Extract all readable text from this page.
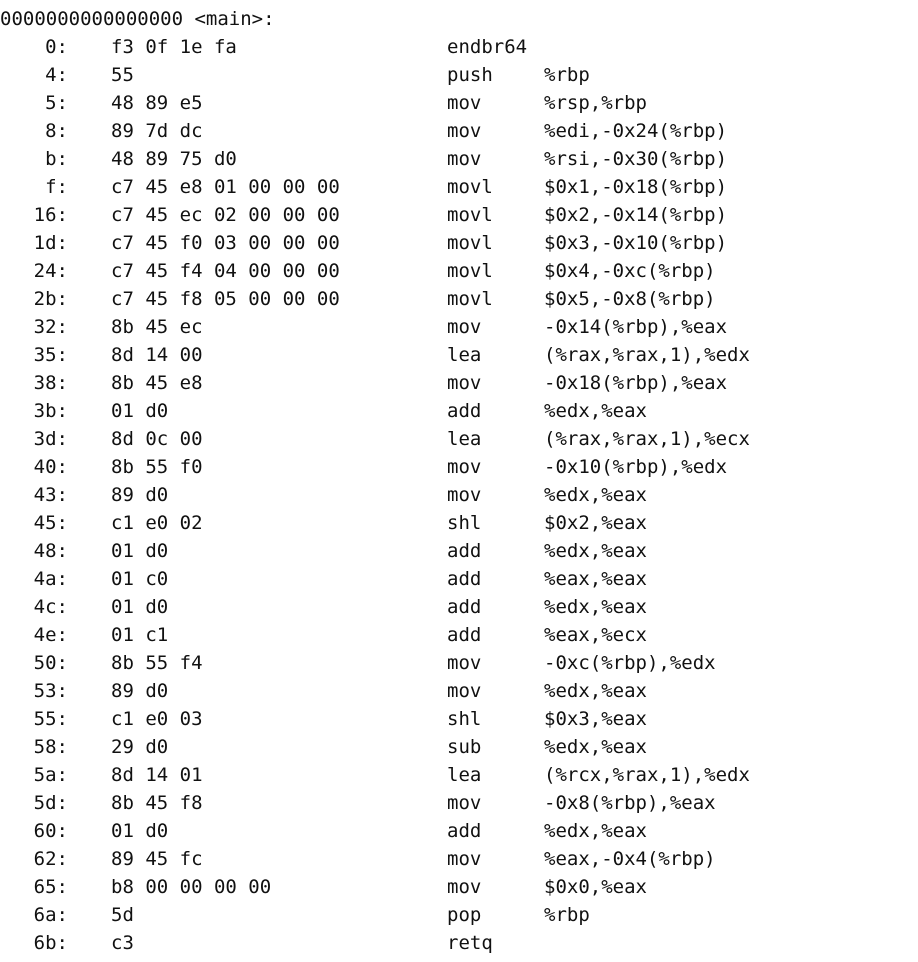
0000000000000000 <main>:
0: f3 0f 1e fa	endbr64
4: 55	push	%rbp
5: 48 89 e5	mov	%rsp,%rbp
8: 89 7d dc	mov	%edi,-0x24(%rbp)
b: 48 89 75 d0	mov	%rsi,-0x30(%rbp)
f: c7 45 e8 01 00 00 00	movl	$0x1,-0x18(%rbp)
16: c7 45 ec 02 00 00 00	movl	$0x2,-0x14(%rbp)
1d: c7 45 f0 03 00 00 00	movl	$0x3,-0x10(%rbp)
24: c7 45 f4 04 00 00 00	movl	$0x4,-0xc(%rbp)
2b: c7 45 f8 05 00 00 00	movl	$0x5,-0x8(%rbp)
32: 8b 45 ec	mov	-0x14(%rbp),%eax
35: 8d 14 00	lea	(%rax,%rax,1),%edx
38: 8b 45 e8	mov	-0x18(%rbp),%eax
3b: 01 d0	add	%edx,%eax
3d: 8d 0c 00	lea	(%rax,%rax,1),%ecx
40: 8b 55 f0	mov	-0x10(%rbp),%edx
43: 89 d0	mov	%edx,%eax
45: c1 e0 02	shl	$0x2,%eax
48: 01 d0	add	%edx,%eax
4a: 01 c0	add	%eax,%eax
4c: 01 d0	add	%edx,%eax
4e: 01 c1	add	%eax,%ecx
50: 8b 55 f4	mov	-0xc(%rbp),%edx
53: 89 d0	mov	%edx,%eax
55: c1 e0 03	shl	$0x3,%eax
58: 29 d0	sub	%edx,%eax
5a: 8d 14 01	lea	(%rcx,%rax,1),%edx
5d: 8b 45 f8	mov	-0x8(%rbp),%eax
60: 01 d0	add	%edx,%eax
62: 89 45 fc	mov	%eax,-0x4(%rbp)
65: b8 00 00 00 00	mov	$0x0,%eax
6a: 5d	pop	%rbp
6b: c3	retq
